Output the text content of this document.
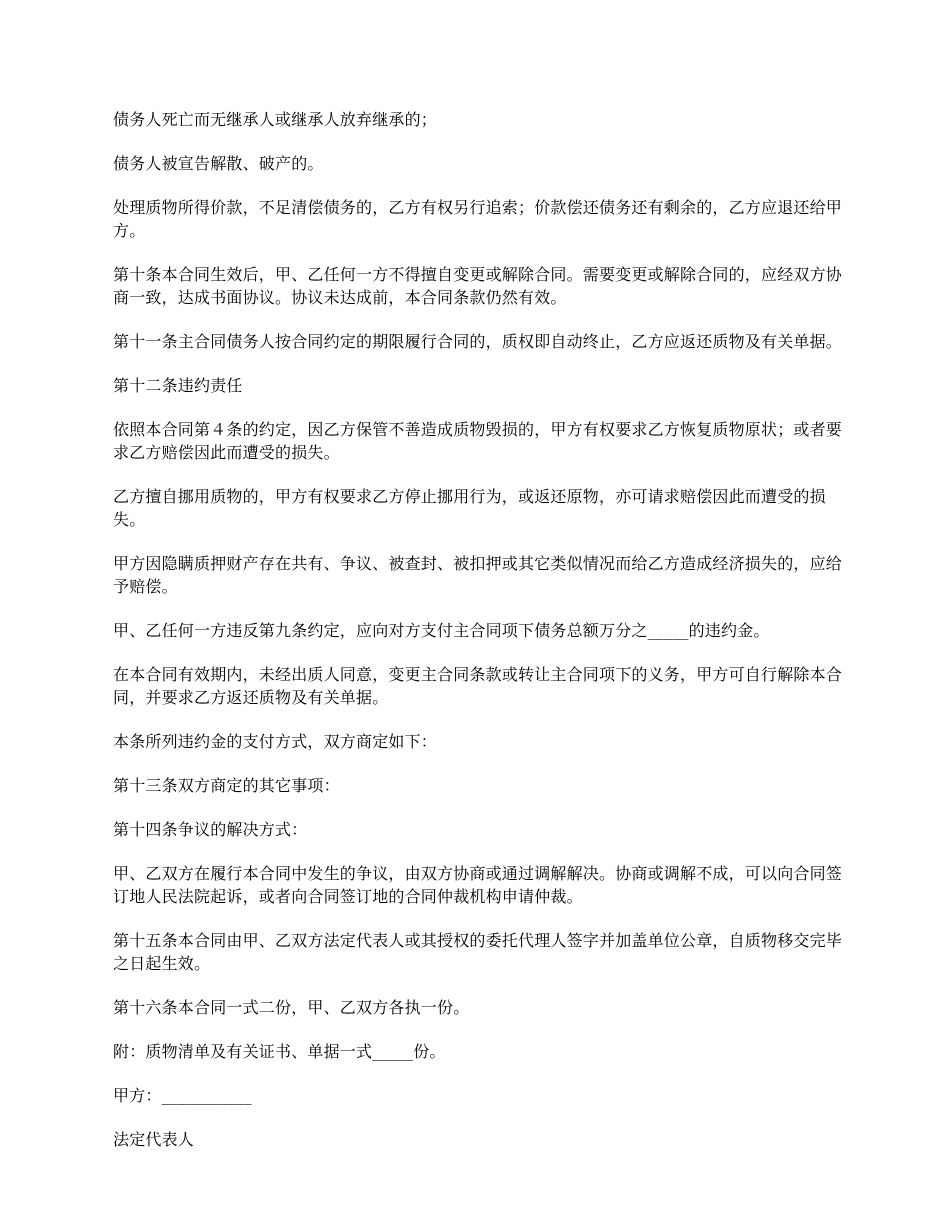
债务人死亡而无继承人或继承人放弃继承的；

债务人被宣告解散、破产的。

处理质物所得价款，不足清偿债务的，乙方有权另行追索；价款偿还债务还有剩余的，乙方应退还给甲方。

第十条本合同生效后，甲、乙任何一方不得擅自变更或解除合同。需要变更或解除合同的，应经双方协商一致，达成书面协议。协议未达成前，本合同条款仍然有效。

第十一条主合同债务人按合同约定的期限履行合同的，质权即自动终止，乙方应返还质物及有关单据。

第十二条违约责任

依照本合同第４条的约定，因乙方保管不善造成质物毁损的，甲方有权要求乙方恢复质物原状；或者要求乙方赔偿因此而遭受的损失。

乙方擅自挪用质物的，甲方有权要求乙方停止挪用行为，或返还原物，亦可请求赔偿因此而遭受的损失。

甲方因隐瞒质押财产存在共有、争议、被查封、被扣押或其它类似情况而给乙方造成经济损失的，应给予赔偿。

甲、乙任何一方违反第九条约定，应向对方支付主合同项下债务总额万分之_____的违约金。

在本合同有效期内，未经出质人同意，变更主合同条款或转让主合同项下的义务，甲方可自行解除本合同，并要求乙方返还质物及有关单据。

本条所列违约金的支付方式，双方商定如下：

第十三条双方商定的其它事项：

第十四条争议的解决方式：

甲、乙双方在履行本合同中发生的争议，由双方协商或通过调解解决。协商或调解不成，可以向合同签订地人民法院起诉，或者向合同签订地的合同仲裁机构申请仲裁。

第十五条本合同由甲、乙双方法定代表人或其授权的委托代理人签字并加盖单位公章，自质物移交完毕之日起生效。

第十六条本合同一式二份，甲、乙双方各执一份。

附：质物清单及有关证书、单据一式_____份。

甲方：___________

法定代表人
